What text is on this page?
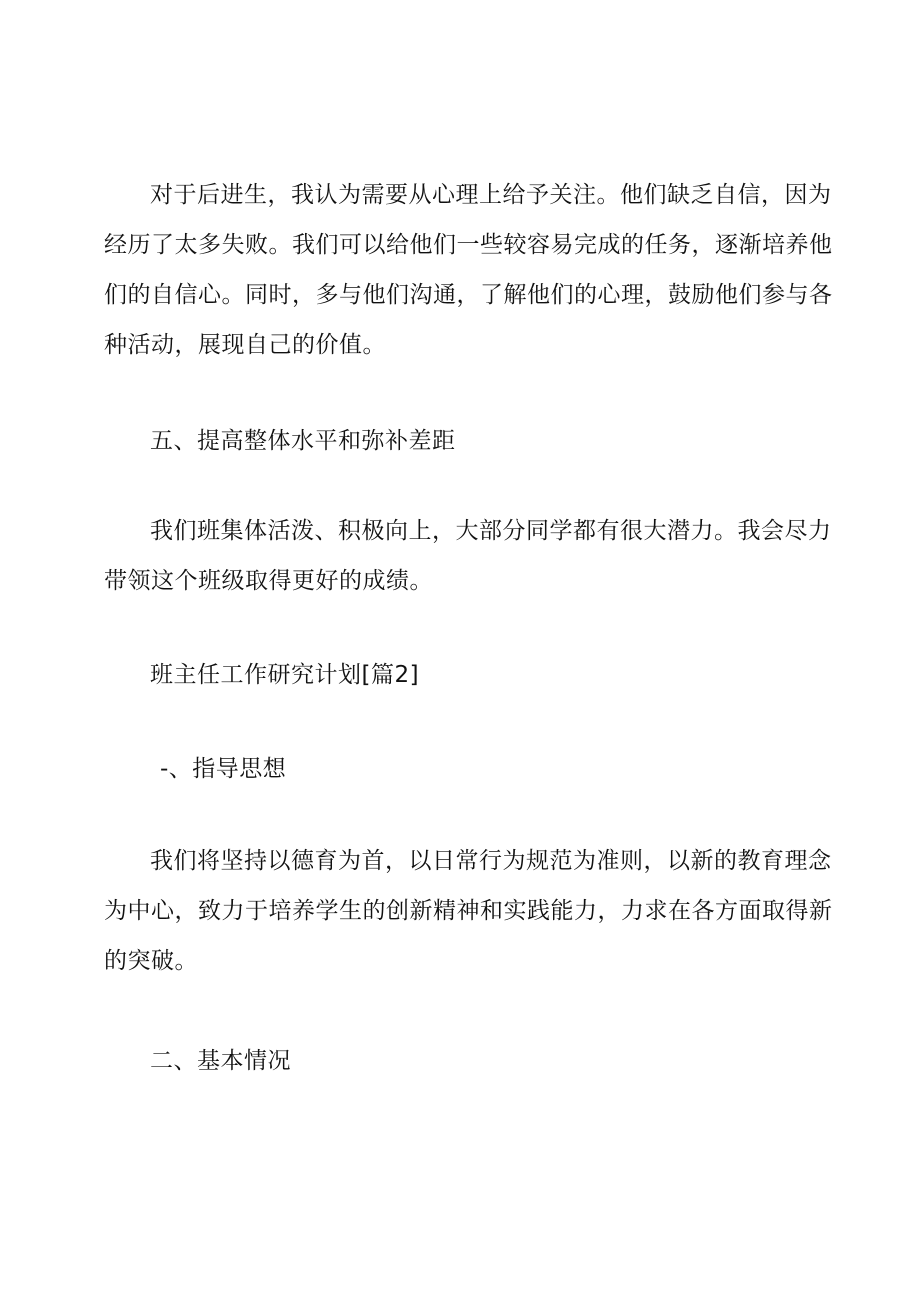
对于后进生，我认为需要从心理上给予关注。他们缺乏自信，因为
经历了太多失败。我们可以给他们一些较容易完成的任务，逐渐培养他
们的自信心。同时，多与他们沟通，了解他们的心理，鼓励他们参与各
种活动，展现自己的价值。
五、提高整体水平和弥补差距
我们班集体活泼、积极向上，大部分同学都有很大潜力。我会尽力
带领这个班级取得更好的成绩。
班主任工作研究计划[篇2]
-、指导思想
我们将坚持以德育为首，以日常行为规范为准则，以新的教育理念
为中心，致力于培养学生的创新精神和实践能力，力求在各方面取得新
的突破。
二、基本情况
